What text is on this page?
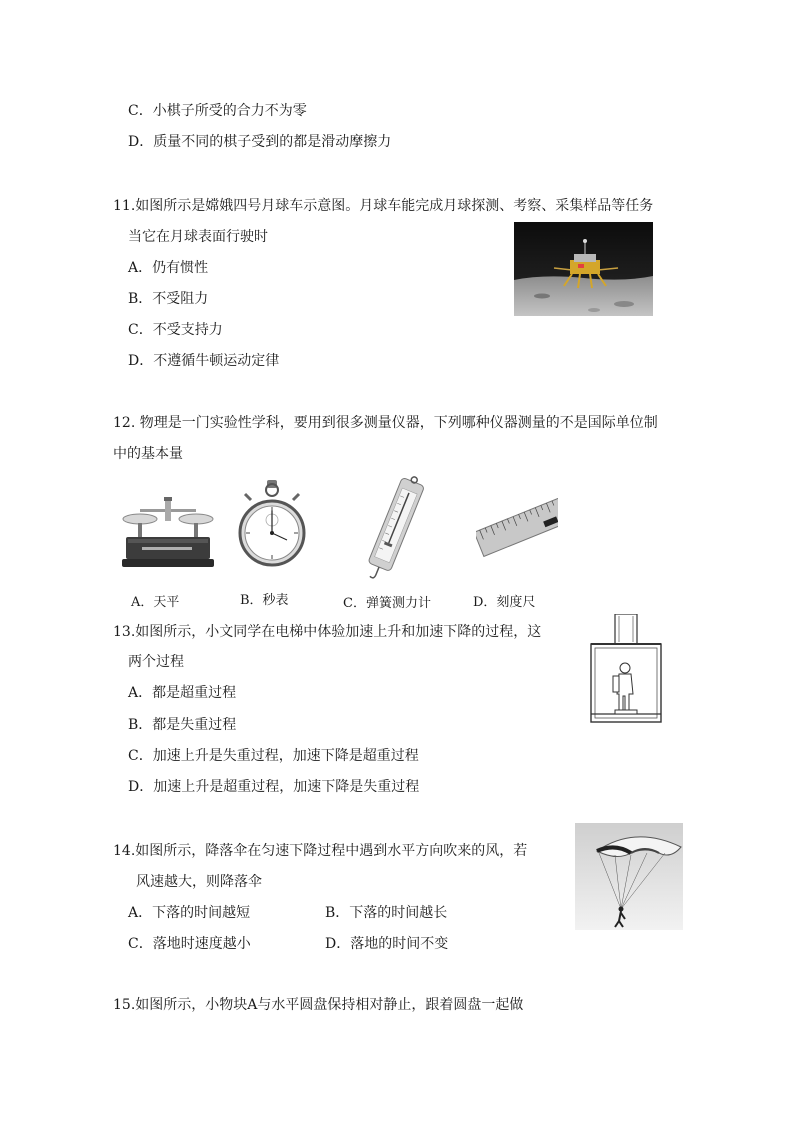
C．小棋子所受的合力不为零
D．质量不同的棋子受到的都是滑动摩擦力
11.如图所示是嫦娥四号月球车示意图。月球车能完成月球探测、考察、采集样品等任务
当它在月球表面行驶时
A．仍有惯性
B．不受阻力
C．不受支持力
D．不遵循牛顿运动定律
12. 物理是一门实验性学科，要用到很多测量仪器，下列哪种仪器测量的不是国际单位制
中的基本量
A．天平	B．秒表	C．弹簧测力计	D．刻度尺
13.如图所示，小文同学在电梯中体验加速上升和加速下降的过程，这
两个过程
A．都是超重过程
B．都是失重过程
C．加速上升是失重过程，加速下降是超重过程
D．加速上升是超重过程，加速下降是失重过程
14.如图所示，降落伞在匀速下降过程中遇到水平方向吹来的风，若
风速越大，则降落伞
A．下落的时间越短	B．下落的时间越长
C．落地时速度越小	D．落地的时间不变
15.如图所示，小物块A与水平圆盘保持相对静止，跟着圆盘一起做
